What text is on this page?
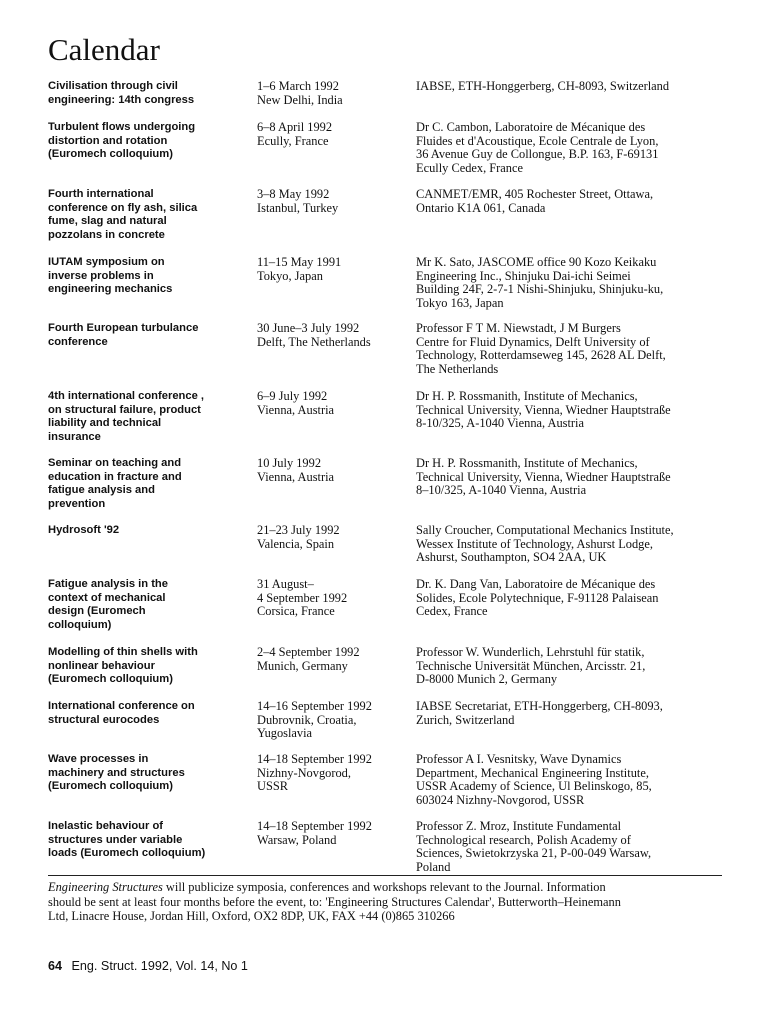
Calendar
Civilisation through civil
engineering: 14th congress
1–6 March 1992
New Delhi, India
IABSE, ETH-Honggerberg, CH-8093, Switzerland
Turbulent flows undergoing
distortion and rotation
(Euromech colloquium)
6–8 April 1992
Ecully, France
Dr C. Cambon, Laboratoire de Mécanique des
Fluides et d'Acoustique, Ecole Centrale de Lyon,
36 Avenue Guy de Collongue, B.P. 163, F-69131
Ecully Cedex, France
Fourth international
conference on fly ash, silica
fume, slag and natural
pozzolans in concrete
3–8 May 1992
Istanbul, Turkey
CANMET/EMR, 405 Rochester Street, Ottawa,
Ontario K1A 061, Canada
IUTAM symposium on
inverse problems in
engineering mechanics
11–15 May 1991
Tokyo, Japan
Mr K. Sato, JASCOME office 90 Kozo Keikaku
Engineering Inc., Shinjuku Dai-ichi Seimei
Building 24F, 2-7-1 Nishi-Shinjuku, Shinjuku-ku,
Tokyo 163, Japan
Fourth European turbulance
conference
30 June–3 July 1992
Delft, The Netherlands
Professor F T M. Niewstadt, J M Burgers
Centre for Fluid Dynamics, Delft University of
Technology, Rotterdamseweg 145, 2628 AL Delft,
The Netherlands
4th international conference ,
on structural failure, product
liability and technical
insurance
6–9 July 1992
Vienna, Austria
Dr H. P. Rossmanith, Institute of Mechanics,
Technical University, Vienna, Wiedner Hauptstraße
8-10/325, A-1040 Vienna, Austria
Seminar on teaching and
education in fracture and
fatigue analysis and
prevention
10 July 1992
Vienna, Austria
Dr H. P. Rossmanith, Institute of Mechanics,
Technical University, Vienna, Wiedner Hauptstraße
8–10/325, A-1040 Vienna, Austria
Hydrosoft '92	21–23 July 1992
Valencia, Spain
Sally Croucher, Computational Mechanics Institute,
Wessex Institute of Technology, Ashurst Lodge,
Ashurst, Southampton, SO4 2AA, UK
Fatigue analysis in the
context of mechanical
design (Euromech
colloquium)
31 August–
4 September 1992
Corsica, France
Dr. K. Dang Van, Laboratoire de Mécanique des
Solides, Ecole Polytechnique, F-91128 Palaisean
Cedex, France
Modelling of thin shells with
nonlinear behaviour
(Euromech colloquium)
2–4 September 1992
Munich, Germany
Professor W. Wunderlich, Lehrstuhl für statik,
Technische Universität München, Arcisstr. 21,
D-8000 Munich 2, Germany
International conference on
structural eurocodes
14–16 September 1992
Dubrovnik, Croatia,
Yugoslavia
IABSE Secretariat, ETH-Honggerberg, CH-8093,
Zurich, Switzerland
Wave processes in
machinery and structures
(Euromech colloquium)
14–18 September 1992
Nizhny-Novgorod,
USSR
Professor A I. Vesnitsky, Wave Dynamics
Department, Mechanical Engineering Institute,
USSR Academy of Science, Ul Belinskogo, 85,
603024 Nizhny-Novgorod, USSR
Inelastic behaviour of
structures under variable
loads (Euromech colloquium)
14–18 September 1992
Warsaw, Poland
Professor Z. Mroz, Institute Fundamental
Technological research, Polish Academy of
Sciences, Swietokrzyska 21, P-00-049 Warsaw,
Poland
Engineering Structures will publicize symposia, conferences and workshops relevant to the Journal. Information
should be sent at least four months before the event, to: 'Engineering Structures Calendar', Butterworth–Heinemann
Ltd, Linacre House, Jordan Hill, Oxford, OX2 8DP, UK, FAX +44 (0)865 310266
64 Eng. Struct. 1992, Vol. 14, No 1
